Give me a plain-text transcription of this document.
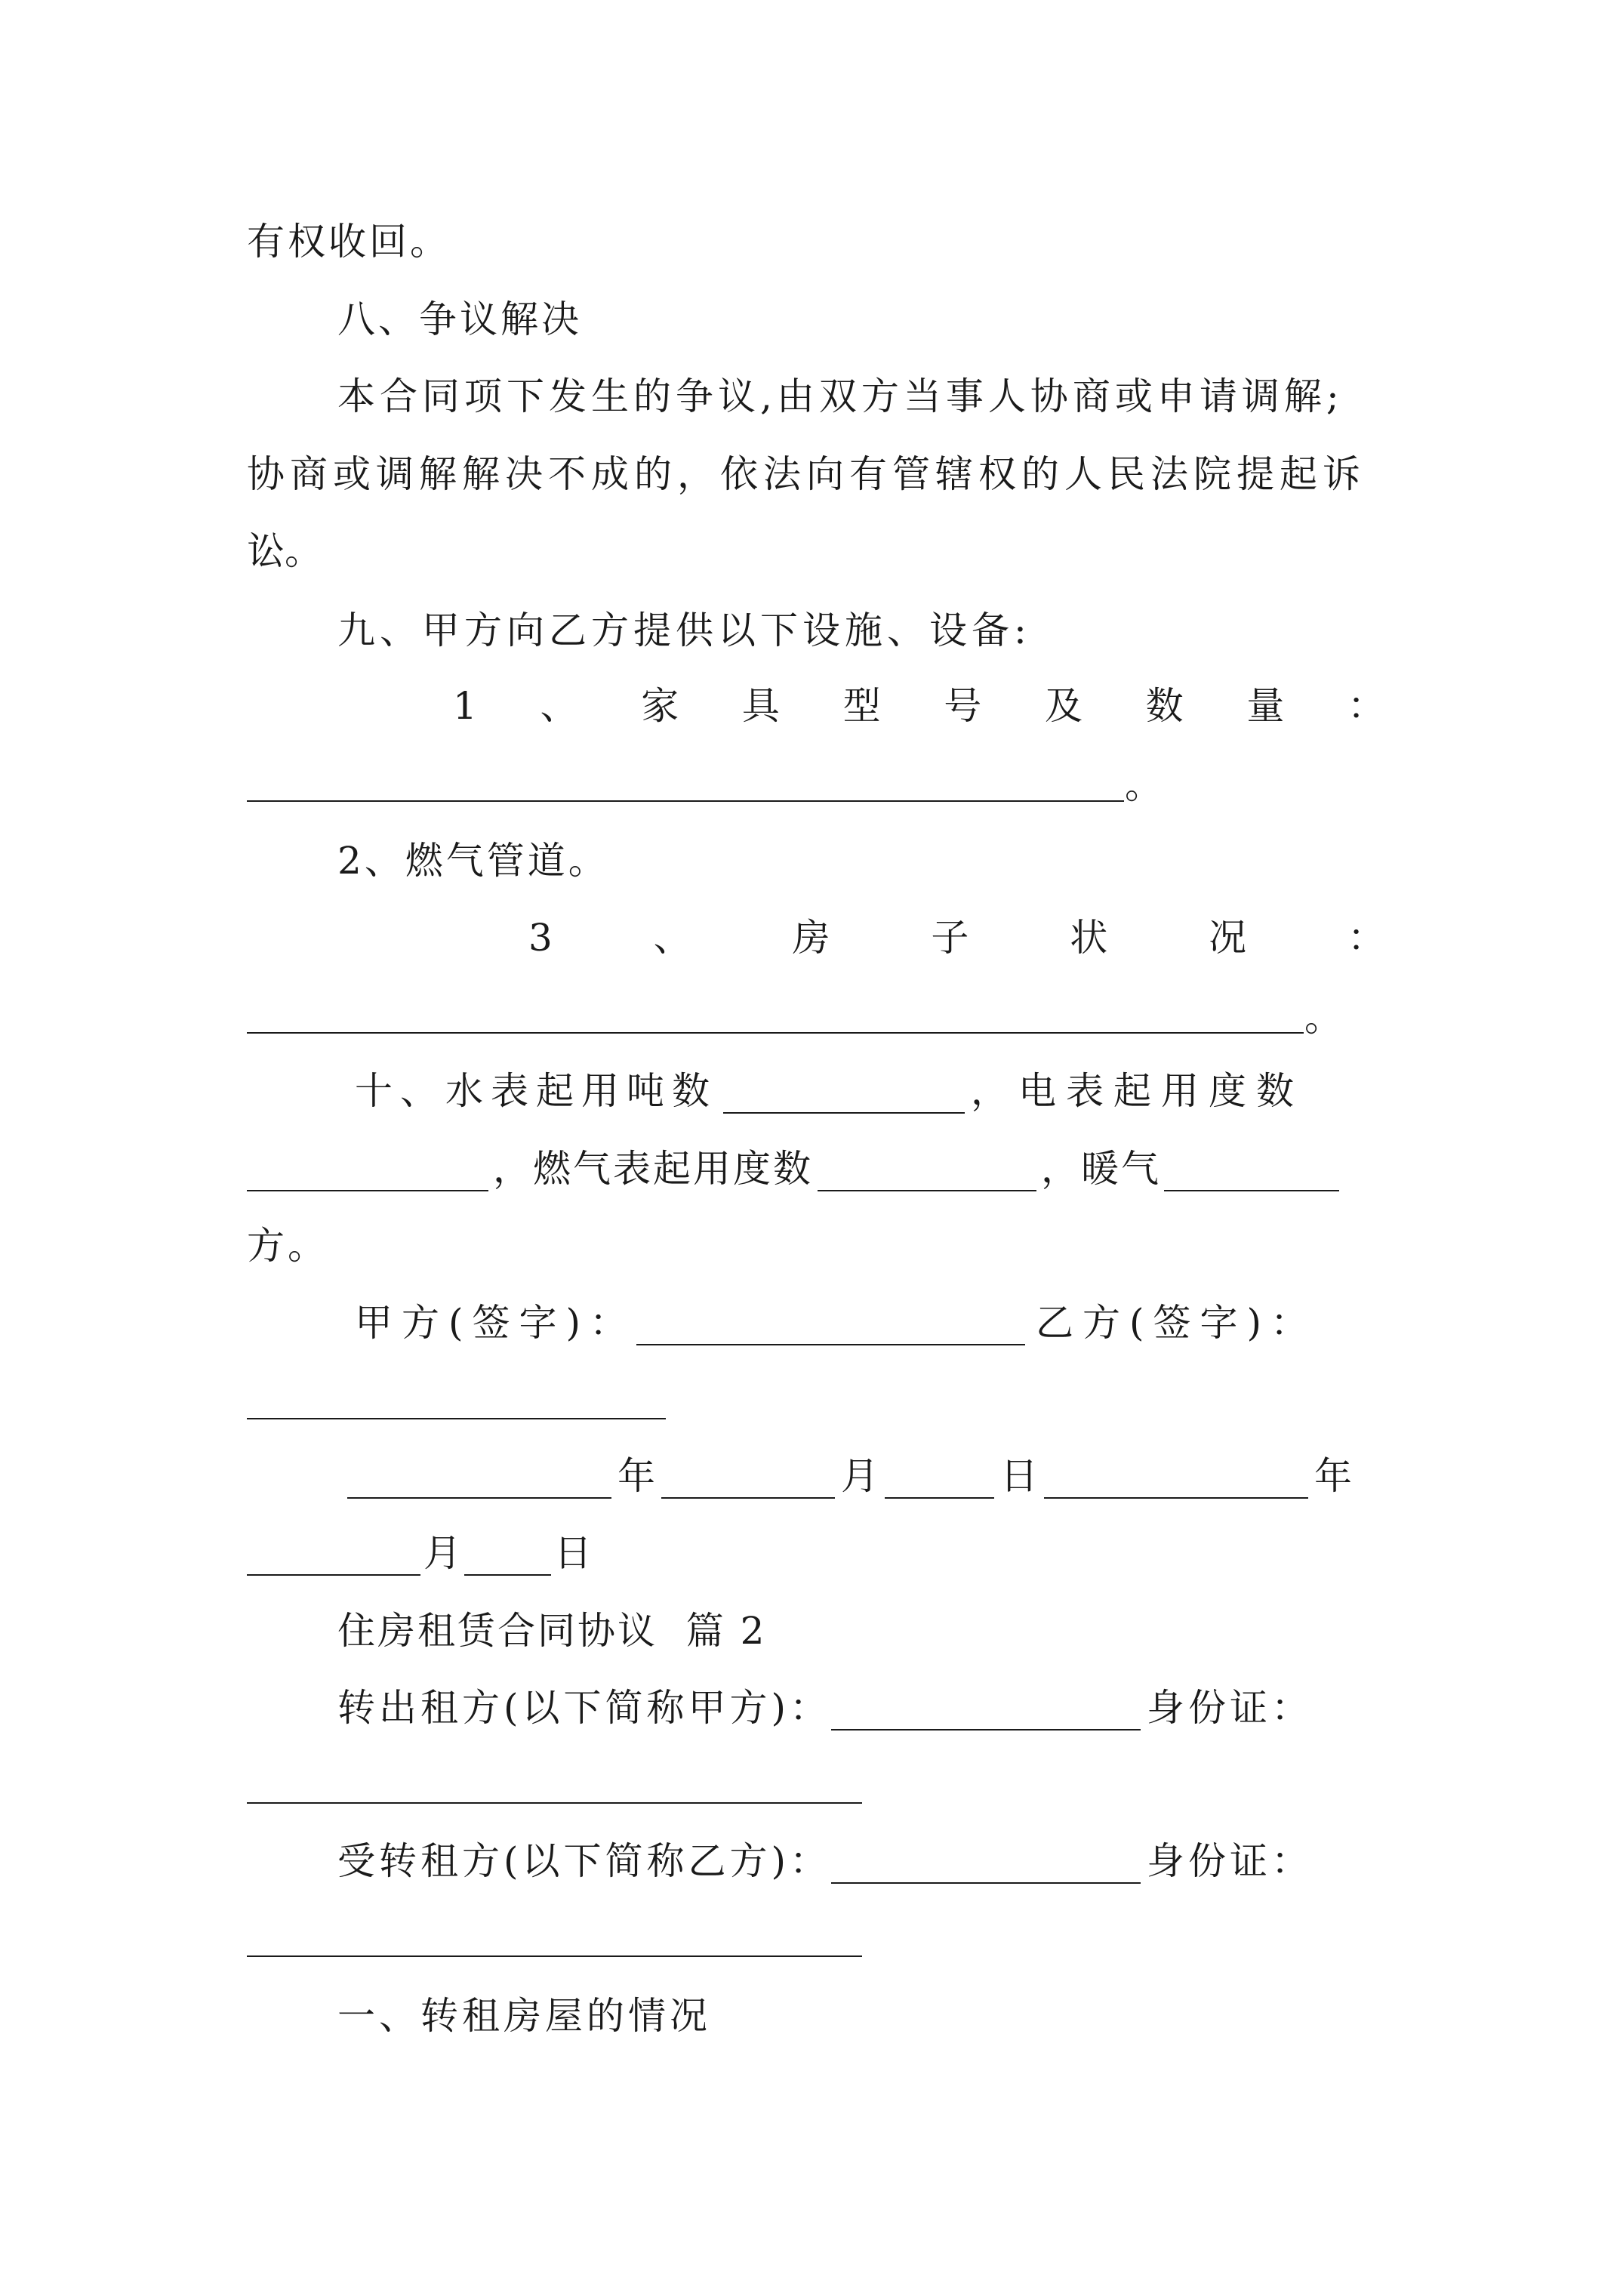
有权收回。
八、争议解决
本合同项下发生的争议,由双方当事人协商或申请调解;
协商或调解解决不成的，依法向有管辖权的人民法院提起诉
讼。
九、甲方向乙方提供以下设施、设备:
1 、 家 具 型 号 及 数 量 ：
。
2、燃气管道。
3	、	房	子	状	况	：
。
十、水表起用吨数	，电表起用度数
，燃气表起用度数	，暖气
方。
甲方(签字)：	乙方(签字)：
年	月	日	年
月 日
住房租赁合同协议  篇 2
转出租方(以下简称甲方)：	身份证：
受转租方(以下简称乙方)：	身份证：
一、转租房屋的情况
